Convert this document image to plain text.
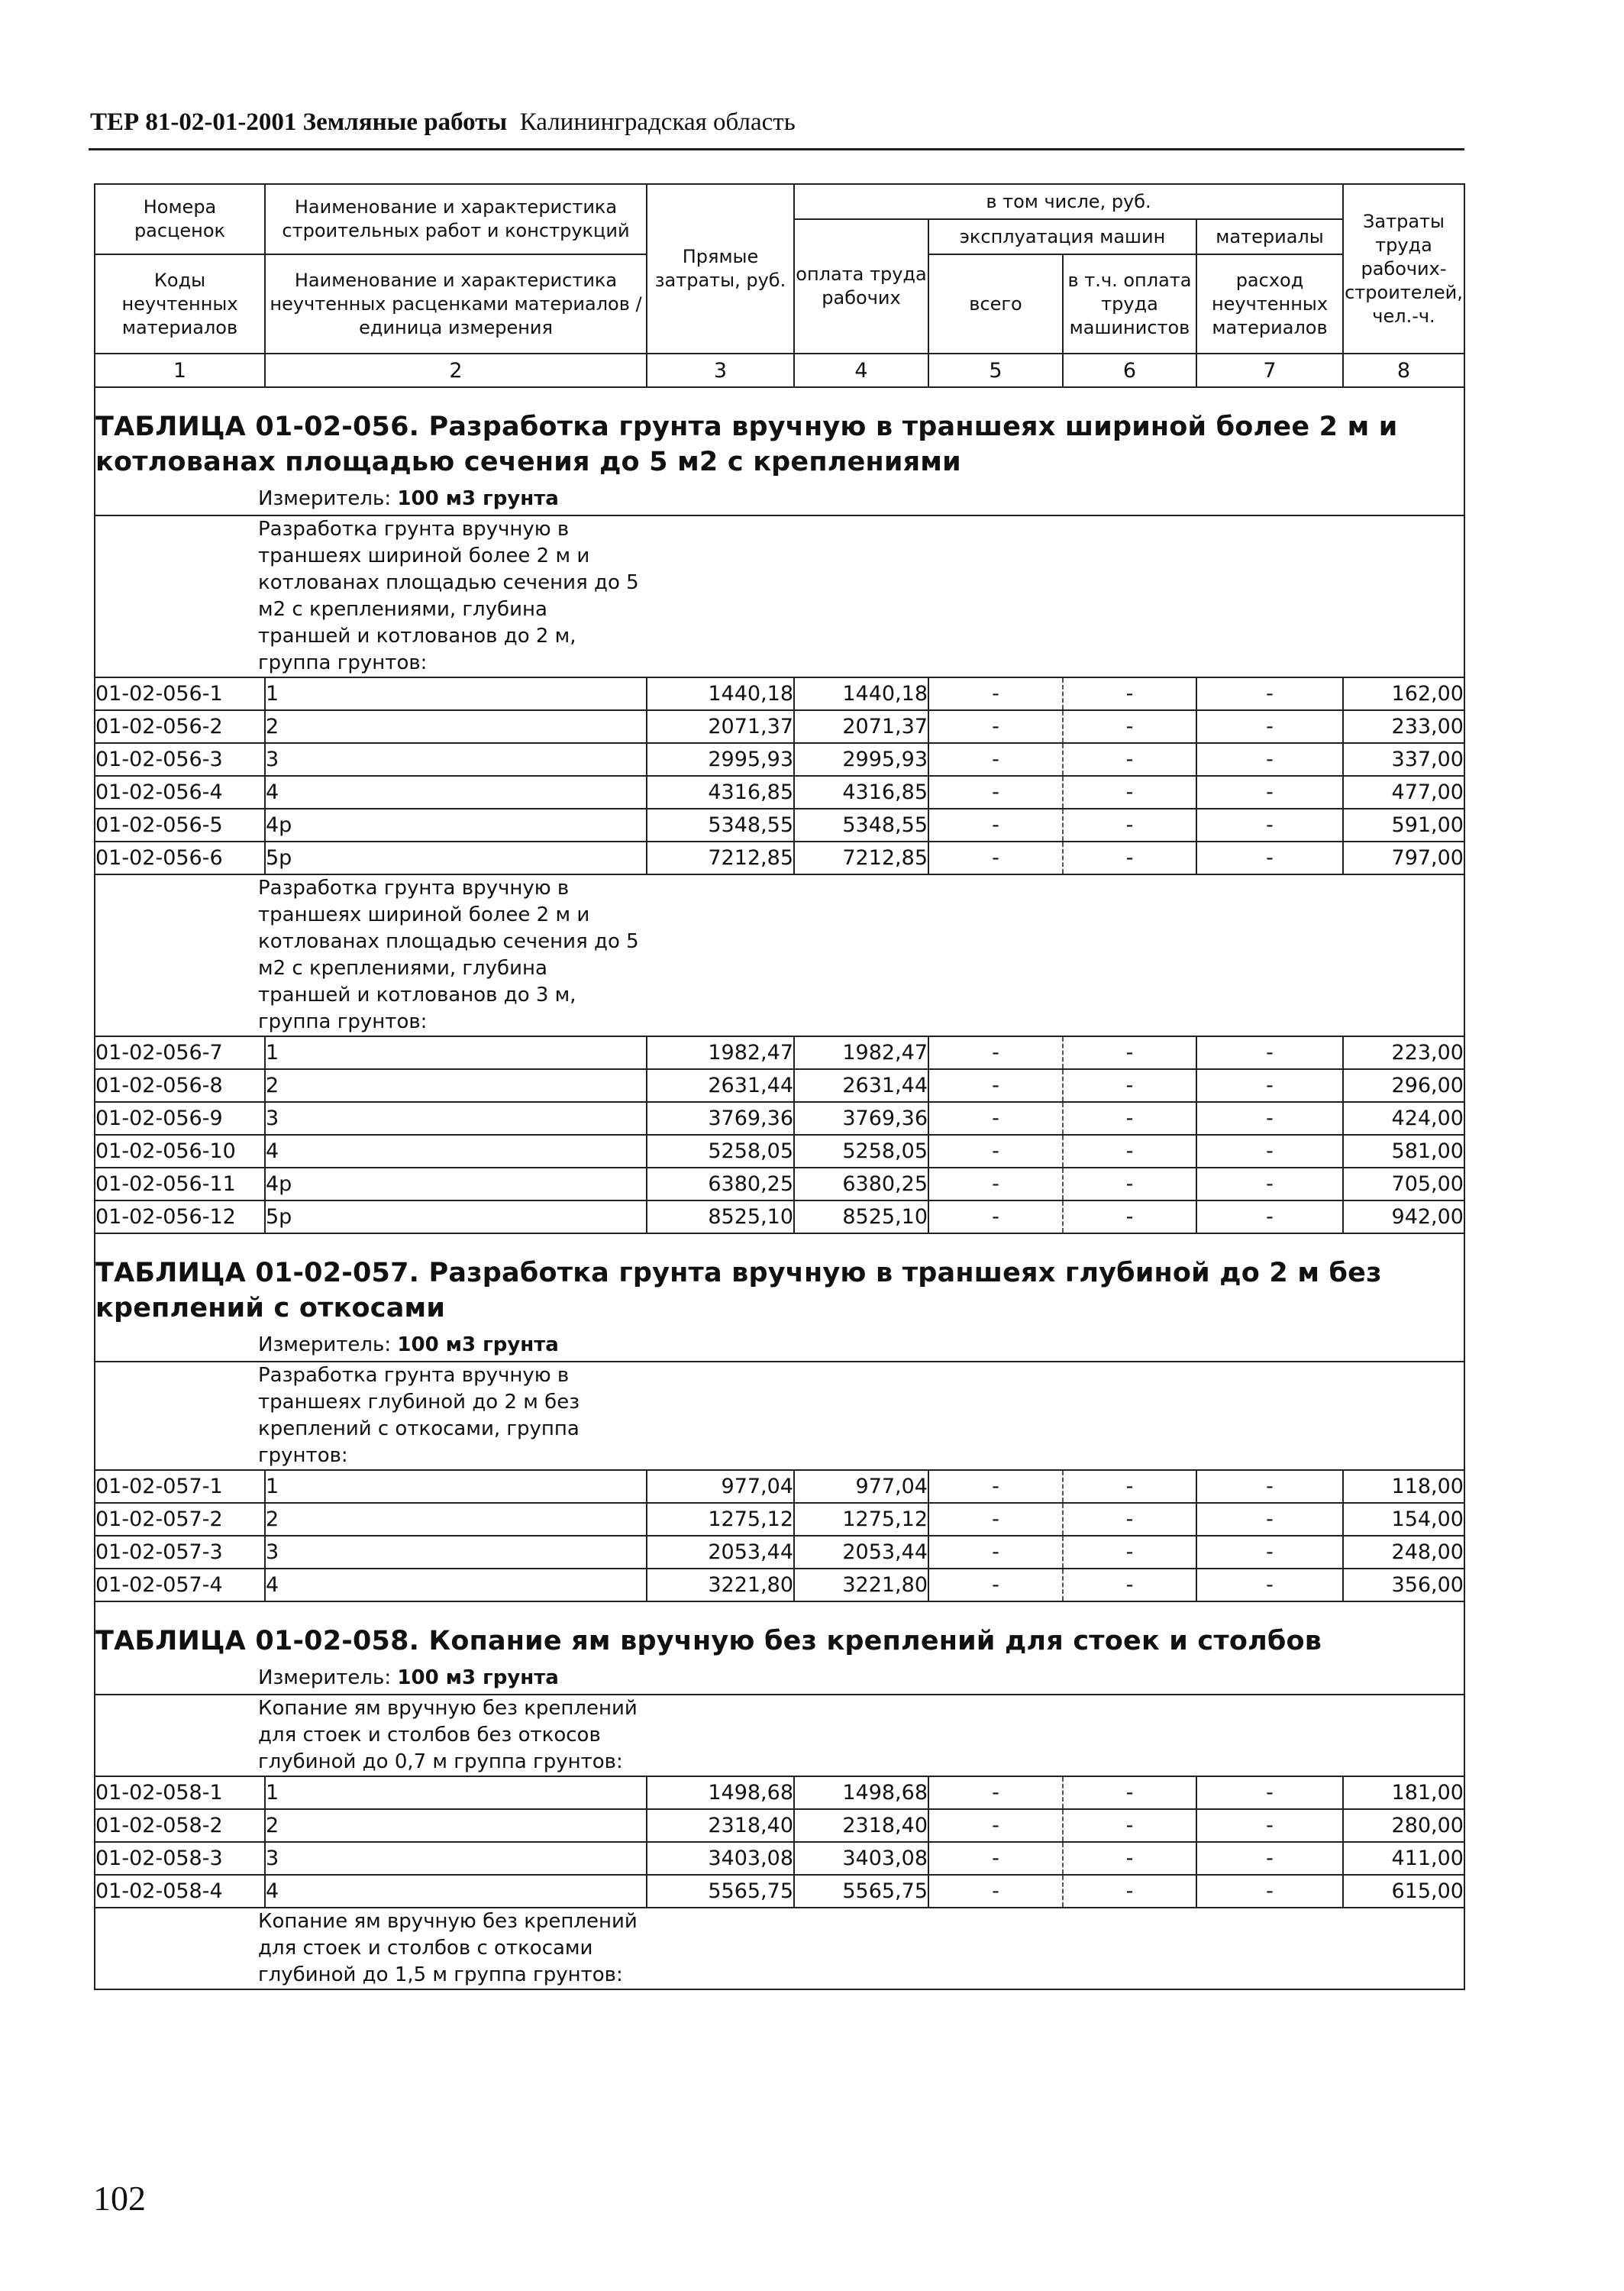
ТЕР 81-02-01-2001 Земляные работы Калининградская область
Номера расценок	Наименование и характеристика строительных работ и конструкций	Прямые затраты, руб.	в том числе, руб.				Затраты труда рабочих-строителей, чел.-ч.
			оплата труда рабочих	эксплуатация машин		материалы	
Коды неучтенных материалов	Наименование и характеристика неучтенных расценками материалов / единица измерения			всего	в т.ч. оплата труда машинистов	расход неучтенных материалов	

1	2	3	4	5	6	7	8

ТАБЛИЦА 01-02-056. Разработка грунта вручную в траншеях шириной более 2 м и котлованах площадью сечения до 5 м2 с креплениями
Измеритель: 100 м3 грунта							

Разработка грунта вручную в траншеях шириной более 2 м и котлованах площадью сечения до 5 м2 с креплениями, глубина траншей и котлованов до 2 м, группа грунтов:							

01-02-056-1	1	1440,18	1440,18	-	-	-	162,00
01-02-056-2	2	2071,37	2071,37	-	-	-	233,00
01-02-056-3	3	2995,93	2995,93	-	-	-	337,00
01-02-056-4	4	4316,85	4316,85	-	-	-	477,00
01-02-056-5	4р	5348,55	5348,55	-	-	-	591,00
01-02-056-6	5р	7212,85	7212,85	-	-	-	797,00

Разработка грунта вручную в траншеях шириной более 2 м и котлованах площадью сечения до 5 м2 с креплениями, глубина траншей и котлованов до 3 м, группа грунтов:							

01-02-056-7	1	1982,47	1982,47	-	-	-	223,00
01-02-056-8	2	2631,44	2631,44	-	-	-	296,00
01-02-056-9	3	3769,36	3769,36	-	-	-	424,00
01-02-056-10	4	5258,05	5258,05	-	-	-	581,00
01-02-056-11	4р	6380,25	6380,25	-	-	-	705,00
01-02-056-12	5р	8525,10	8525,10	-	-	-	942,00

ТАБЛИЦА 01-02-057. Разработка грунта вручную в траншеях глубиной до 2 м без креплений с откосами
Измеритель: 100 м3 грунта							

Разработка грунта вручную в траншеях глубиной до 2 м без креплений с откосами, группа грунтов:							

01-02-057-1	1	977,04	977,04	-	-	-	118,00
01-02-057-2	2	1275,12	1275,12	-	-	-	154,00
01-02-057-3	3	2053,44	2053,44	-	-	-	248,00
01-02-057-4	4	3221,80	3221,80	-	-	-	356,00

ТАБЛИЦА 01-02-058. Копание ям вручную без креплений для стоек и столбов
Измеритель: 100 м3 грунта							

Копание ям вручную без креплений для стоек и столбов без откосов глубиной до 0,7 м группа грунтов:							

01-02-058-1	1	1498,68	1498,68	-	-	-	181,00
01-02-058-2	2	2318,40	2318,40	-	-	-	280,00
01-02-058-3	3	3403,08	3403,08	-	-	-	411,00
01-02-058-4	4	5565,75	5565,75	-	-	-	615,00

Копание ям вручную без креплений для стоек и столбов с откосами глубиной до 1,5 м группа грунтов:							
102
